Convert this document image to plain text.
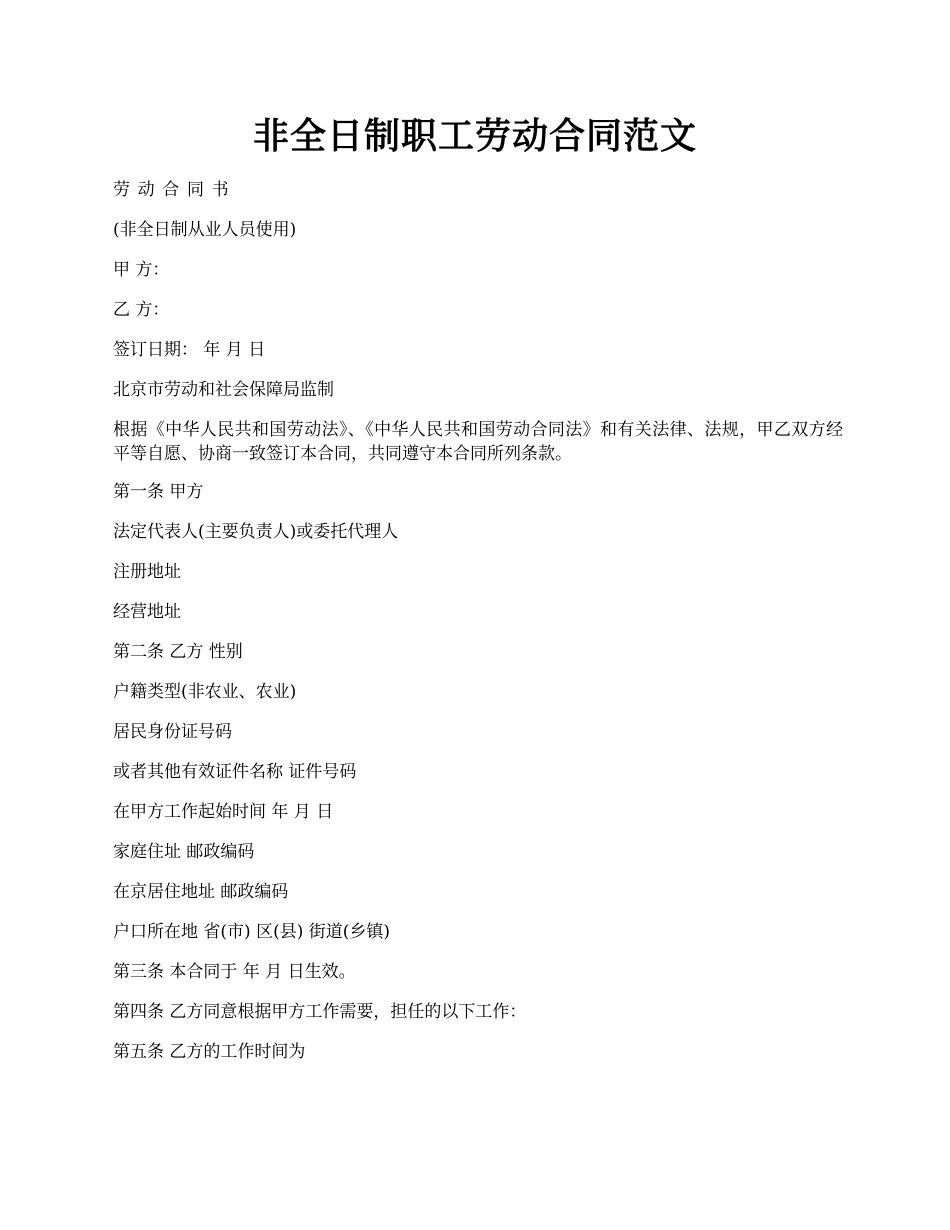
非全日制职工劳动合同范文

劳动合同书

(非全日制从业人员使用)

甲 方：

乙 方：

签订日期： 年 月 日

北京市劳动和社会保障局监制

根据《中华人民共和国劳动法》、《中华人民共和国劳动合同法》和有关法律、法规，甲乙双方经平等自愿、协商一致签订本合同，共同遵守本合同所列条款。

第一条 甲方

法定代表人(主要负责人)或委托代理人

注册地址

经营地址

第二条 乙方 性别

户籍类型(非农业、农业)

居民身份证号码

或者其他有效证件名称 证件号码

在甲方工作起始时间 年 月 日

家庭住址 邮政编码

在京居住地址 邮政编码

户口所在地 省(市) 区(县) 街道(乡镇)

第三条 本合同于 年 月 日生效。

第四条 乙方同意根据甲方工作需要，担任的以下工作：

第五条 乙方的工作时间为
